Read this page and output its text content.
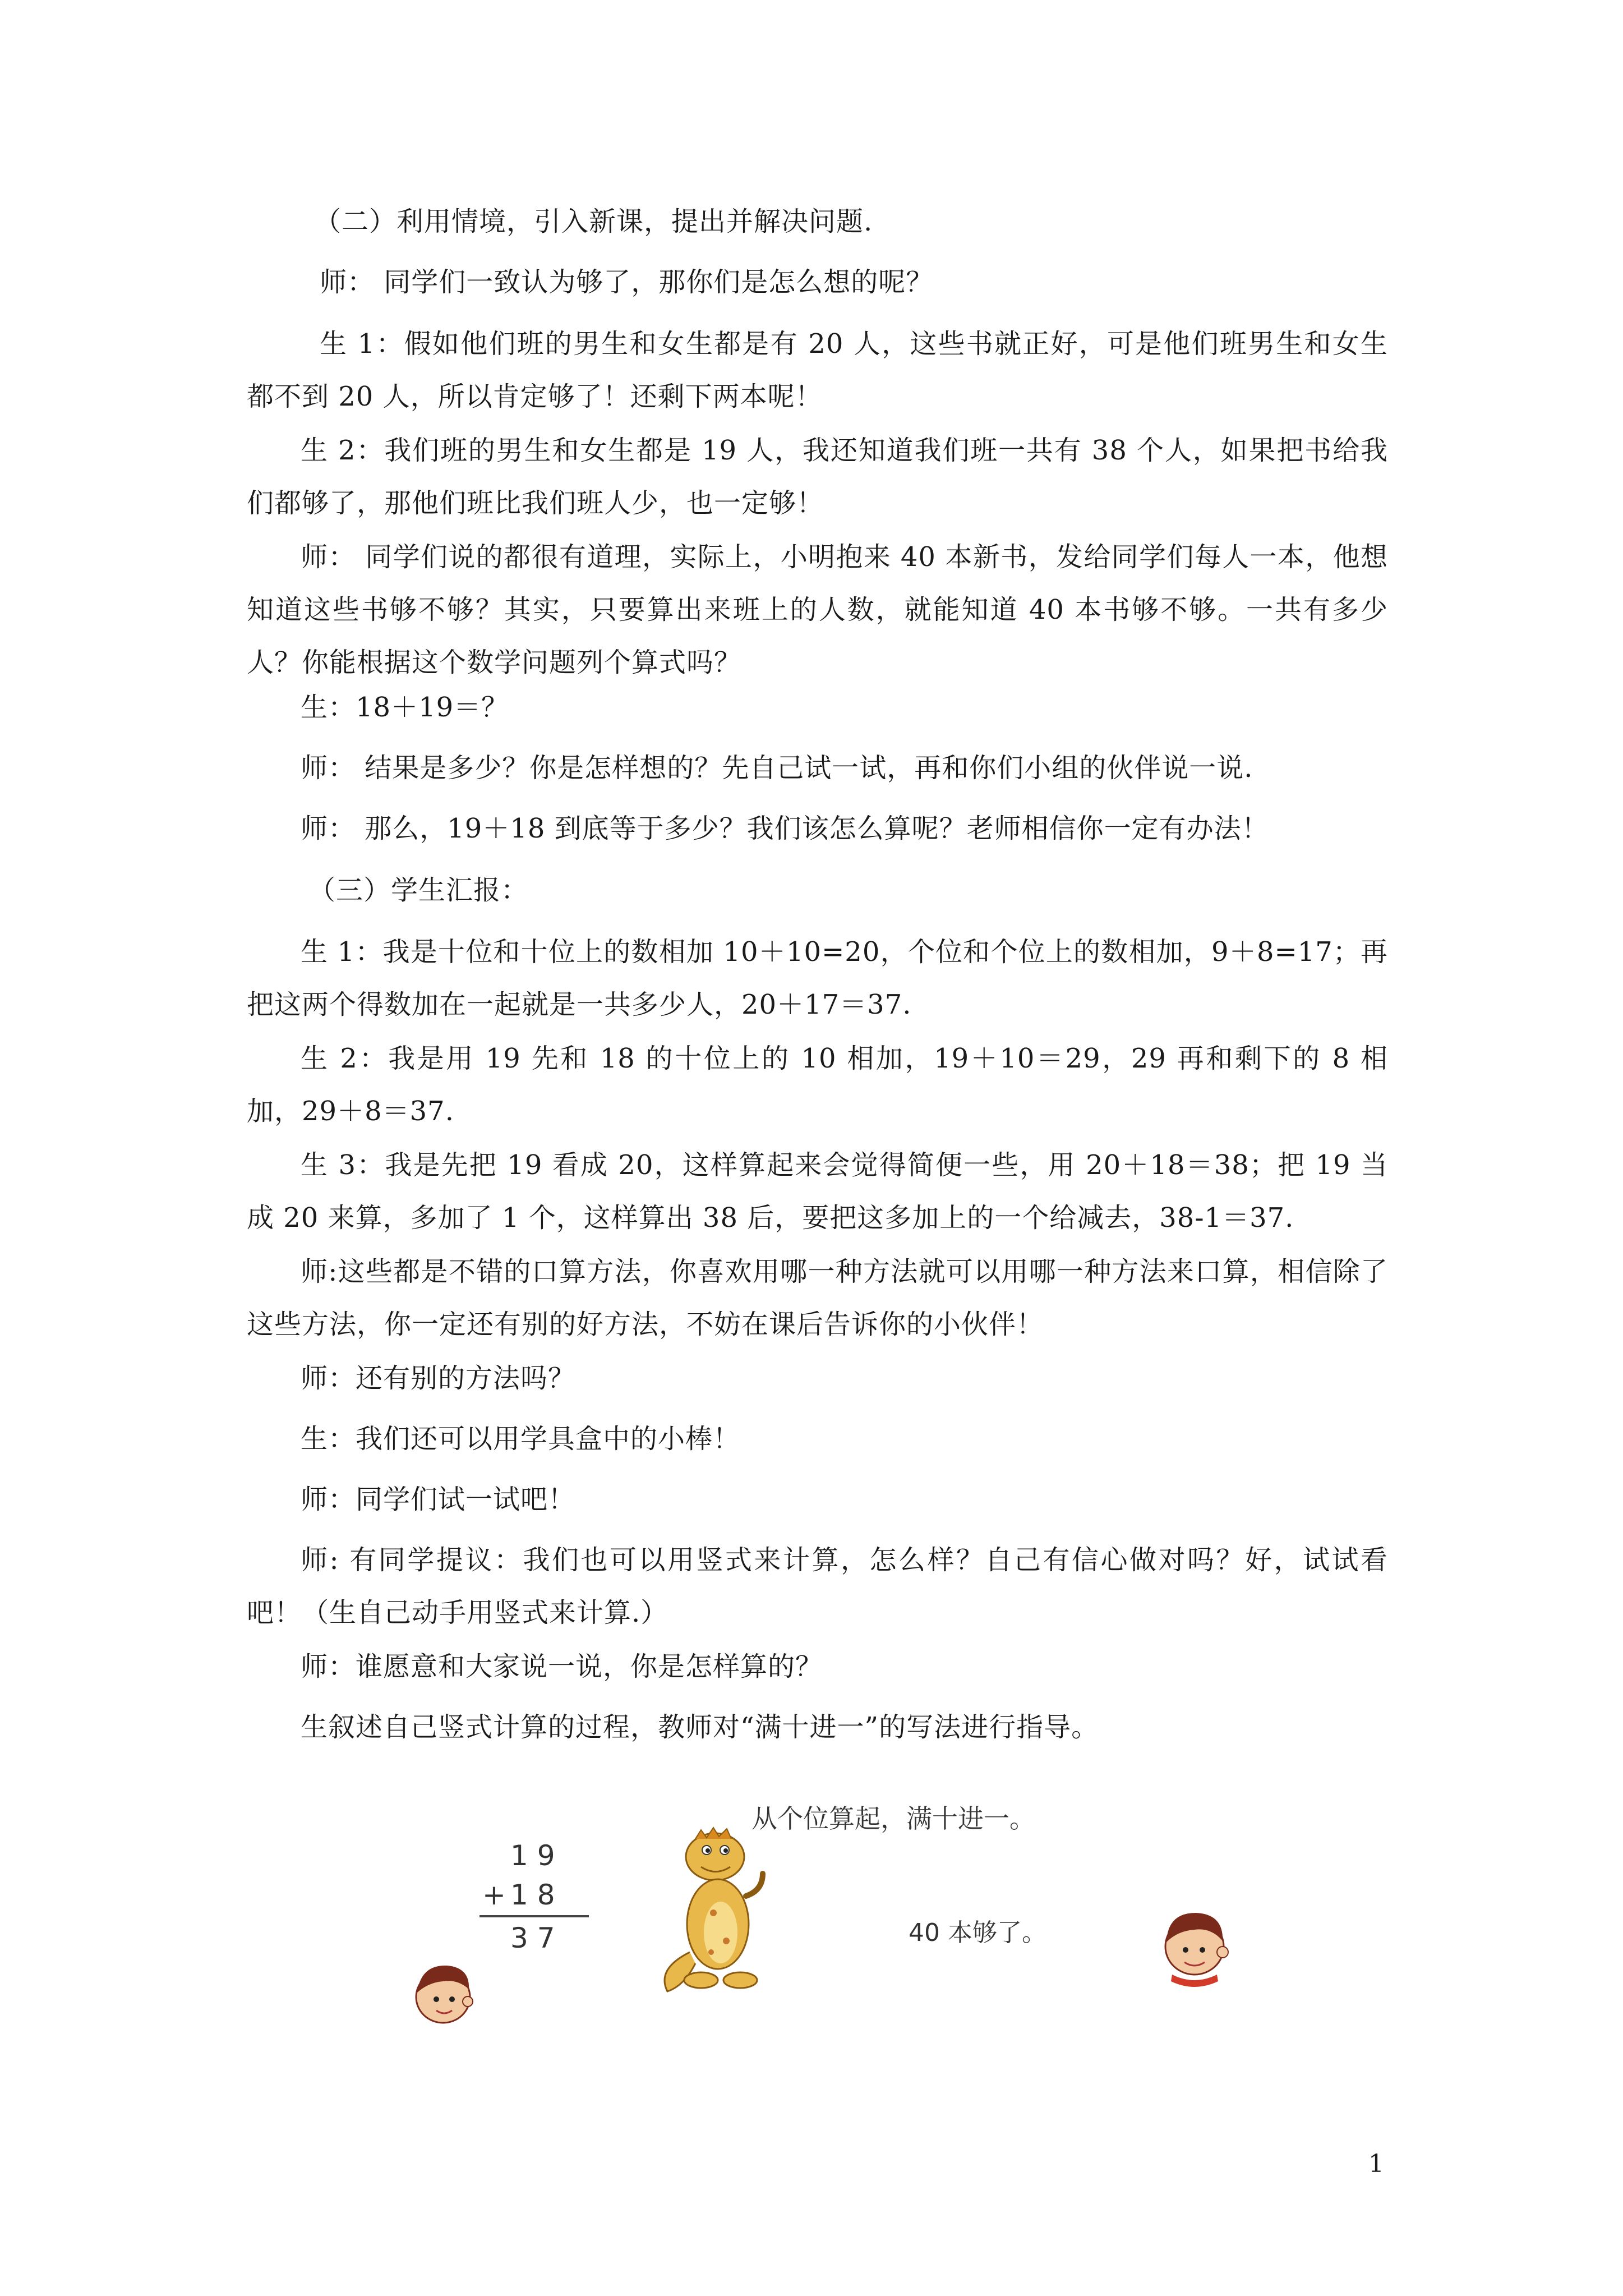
（二）利用情境，引入新课，提出并解决问题.

师： 同学们一致认为够了，那你们是怎么想的呢？

生 1：假如他们班的男生和女生都是有 20 人，这些书就正好，可是他们班男生和女生都不到 20 人，所以肯定够了！还剩下两本呢！

生 2：我们班的男生和女生都是 19 人，我还知道我们班一共有 38 个人，如果把书给我们都够了，那他们班比我们班人少，也一定够！

师： 同学们说的都很有道理，实际上，小明抱来 40 本新书，发给同学们每人一本，他想知道这些书够不够？其实，只要算出来班上的人数，就能知道 40 本书够不够。一共有多少人？你能根据这个数学问题列个算式吗？

生：18＋19＝？

师： 结果是多少？你是怎样想的？先自己试一试，再和你们小组的伙伴说一说.

师： 那么，19＋18 到底等于多少？我们该怎么算呢？老师相信你一定有办法！

（三）学生汇报：

生 1：我是十位和十位上的数相加 10＋10=20，个位和个位上的数相加，9＋8=17；再把这两个得数加在一起就是一共多少人，20＋17＝37.

生 2：我是用 19 先和 18 的十位上的 10 相加，19＋10＝29，29 再和剩下的 8 相加，29＋8＝37.

生 3：我是先把 19 看成 20，这样算起来会觉得简便一些，用 20＋18＝38；把 19 当成 20 来算，多加了 1 个，这样算出 38 后，要把这多加上的一个给减去，38-1＝37.

师:这些都是不错的口算方法，你喜欢用哪一种方法就可以用哪一种方法来口算，相信除了这些方法，你一定还有别的好方法，不妨在课后告诉你的小伙伴！

师：还有别的方法吗？

生：我们还可以用学具盒中的小棒！

师：同学们试一试吧！

师: 有同学提议：我们也可以用竖式来计算，怎么样？自己有信心做对吗？好，试试看吧！（生自己动手用竖式来计算.）

师：谁愿意和大家说一说，你是怎样算的？

生叙述自己竖式计算的过程，教师对“满十进一”的写法进行指导。

1 9
+ 1 8
3 7
从个位算起，满十进一。
40 本够了。
1
